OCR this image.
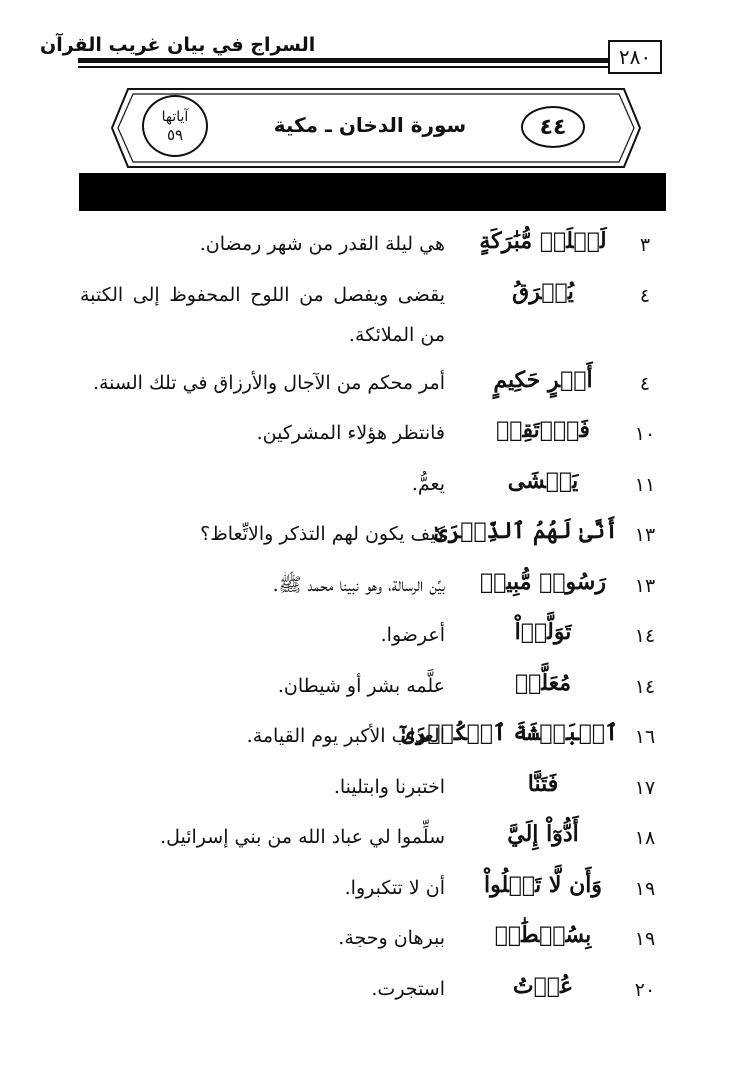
السراج في بيان غريب القرآن	٢٨٠
٤٤
سورة الدخان ـ مكية
آياتها
٥٩
٣
لَيۡلَةٖ مُّبَٰرَكَةٍ
هي ليلة القدر من شهر رمضان.
٤
يُفۡرَقُ
يقضى ويفصل من اللوح المحفوظ إلى الكتبة من الملائكة.
٤
أَمۡرٍ حَكِيمٍ
أمر محكم من الآجال والأرزاق في تلك السنة.
١٠
فَٱرۡتَقِبۡ
فانتظر هؤلاء المشركين.
١١
يَغۡشَى
يعمُّ.
١٣
أَنَّىٰ لَهُمُ ٱلذِّكۡرَىٰ
كيف يكون لهم التذكر والاتِّعاظ؟
١٣
رَسُولٞ مُّبِينٞ
بيِّن الرسالة، وهو نبينا محمد ﷺ.
١٤
تَوَلَّوۡاْ
أعرضوا.
١٤
مُعَلَّمٞ
علَّمه بشر أو شيطان.
١٦
ٱلۡبَطۡشَةَ ٱلۡكُبۡرَىٰٓ
العذاب الأكبر يوم القيامة.
١٧
فَتَنَّا
اختبرنا وابتلينا.
١٨
أَدُّوٓاْ إِلَيَّ
سلِّموا لي عباد الله من بني إسرائيل.
١٩
وَأَن لَّا تَعۡلُواْ
أن لا تتكبروا.
١٩
بِسُلۡطَٰنٖ
ببرهان وحجة.
٢٠
عُذۡتُ
استجرت.
